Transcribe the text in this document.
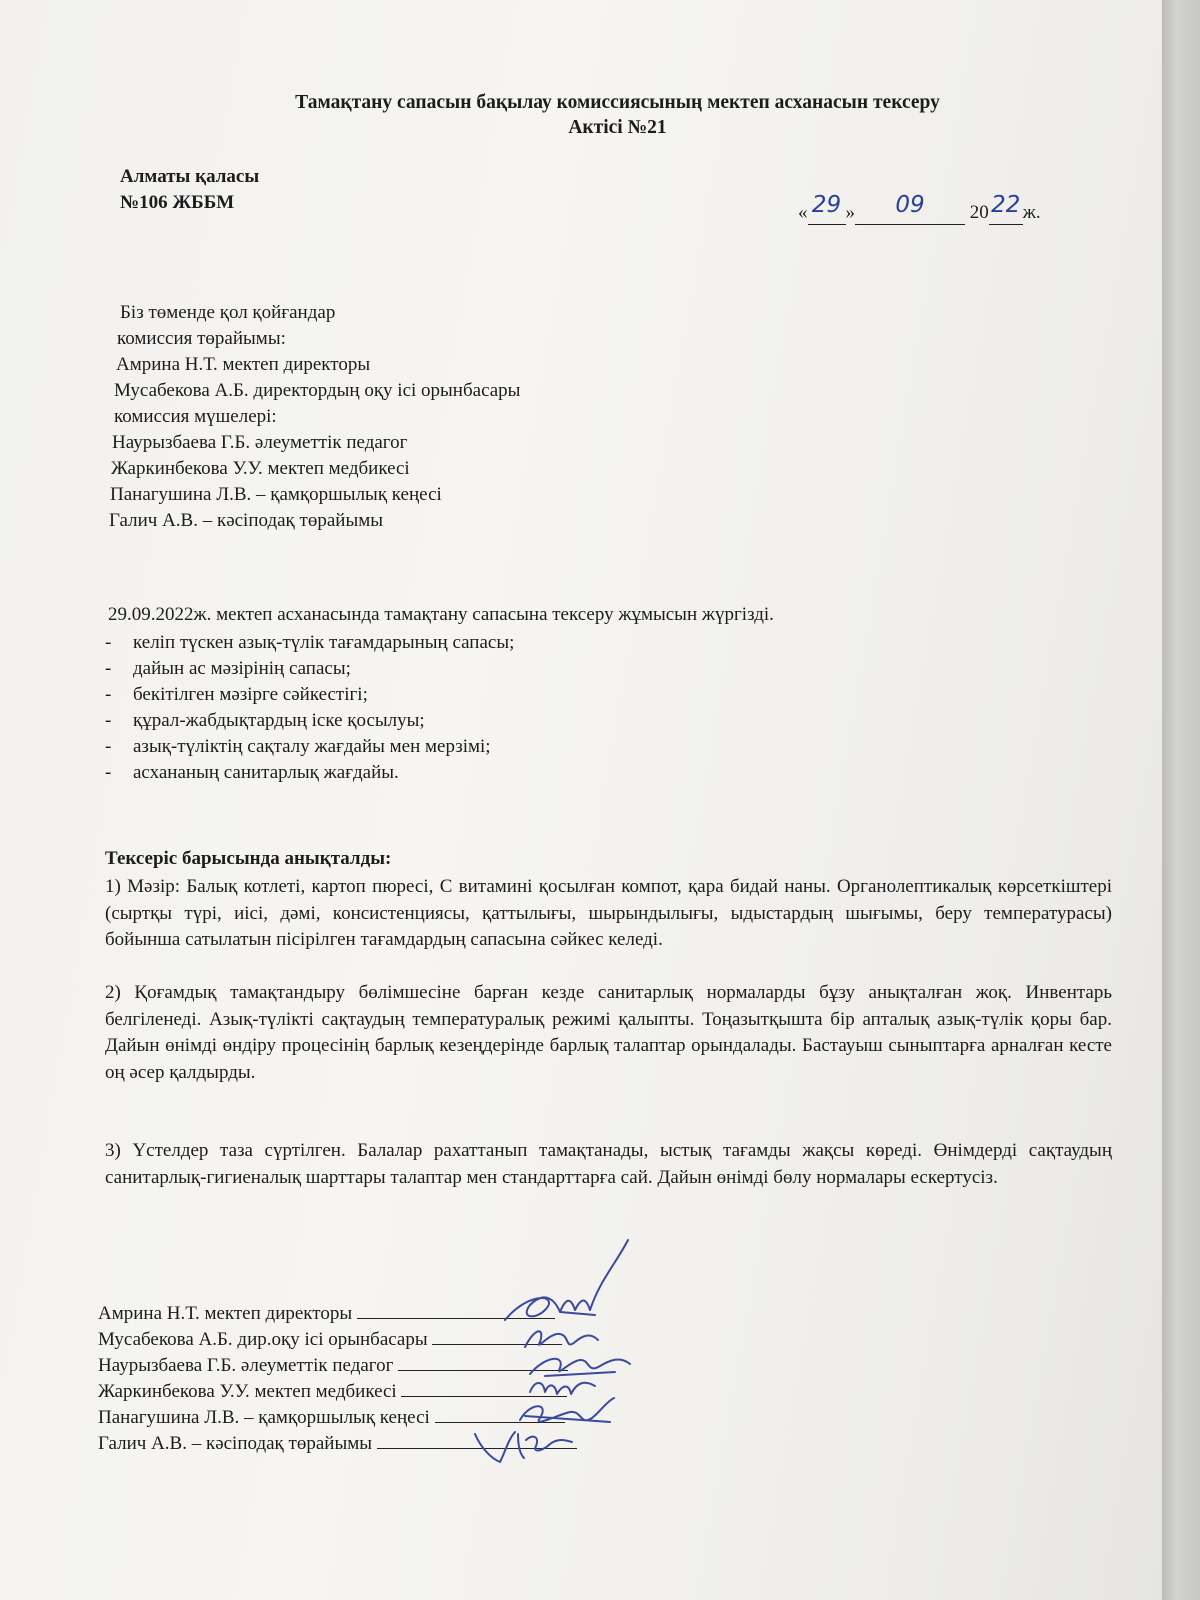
Тамақтану сапасын бақылау комиссиясының мектеп асханасын тексеру
Актісі №21
Алматы қаласы
№106 ЖББМ	« 29 » 09 20 22 ж.
Біз төменде қол қойғандар
комиссия төрайымы:
Амрина Н.Т. мектеп директоры
Мусабекова А.Б. директордың оқу ісі орынбасары
комиссия мүшелері:
Наурызбаева Г.Б. әлеуметтік педагог
Жаркинбекова У.У. мектеп медбикесі
Панагушина Л.В. – қамқоршылық кеңесі
Галич А.В. – кәсіподақ төрайымы
29.09.2022ж. мектеп асханасында тамақтану сапасына тексеру жұмысын жүргізді.
- келіп түскен азық-түлік тағамдарының сапасы;
- дайын ас мәзірінің сапасы;
- бекітілген мәзірге сәйкестігі;
- құрал-жабдықтардың іске қосылуы;
- азық-түліктің сақталу жағдайы мен мерзімі;
- асхананың санитарлық жағдайы.
Тексеріс барысында анықталды:
1) Мәзір: Балық котлеті, картоп пюресі, С витамині қосылған компот, қара бидай наны. Органолептикалық көрсеткіштері (сыртқы түрі, иісі, дәмі, консистенциясы, қаттылығы, шырындылығы, ыдыстардың шығымы, беру температурасы) бойынша сатылатын пісірілген тағамдардың сапасына сәйкес келеді.
2) Қоғамдық тамақтандыру бөлімшесіне барған кезде санитарлық нормаларды бұзу анықталған жоқ. Инвентарь белгіленеді. Азық-түлікті сақтаудың температуралық режимі қалыпты. Тоңазытқышта бір апталық азық-түлік қоры бар. Дайын өнімді өндіру процесінің барлық кезеңдерінде барлық талаптар орындалады. Бастауыш сыныптарға арналған кесте оң әсер қалдырды.
3) Үстелдер таза сүртілген. Балалар рахаттанып тамақтанады, ыстық тағамды жақсы көреді. Өнімдерді сақтаудың санитарлық-гигиеналық шарттары талаптар мен стандарттарға сай. Дайын өнімді бөлу нормалары ескертусіз.
Амрина Н.Т. мектеп директоры
Мусабекова А.Б. дир.оқу ісі орынбасары
Наурызбаева Г.Б. әлеуметтік педагог
Жаркинбекова У.У. мектеп медбикесі
Панагушина Л.В. – қамқоршылық кеңесі
Галич А.В. – кәсіподақ төрайымы
